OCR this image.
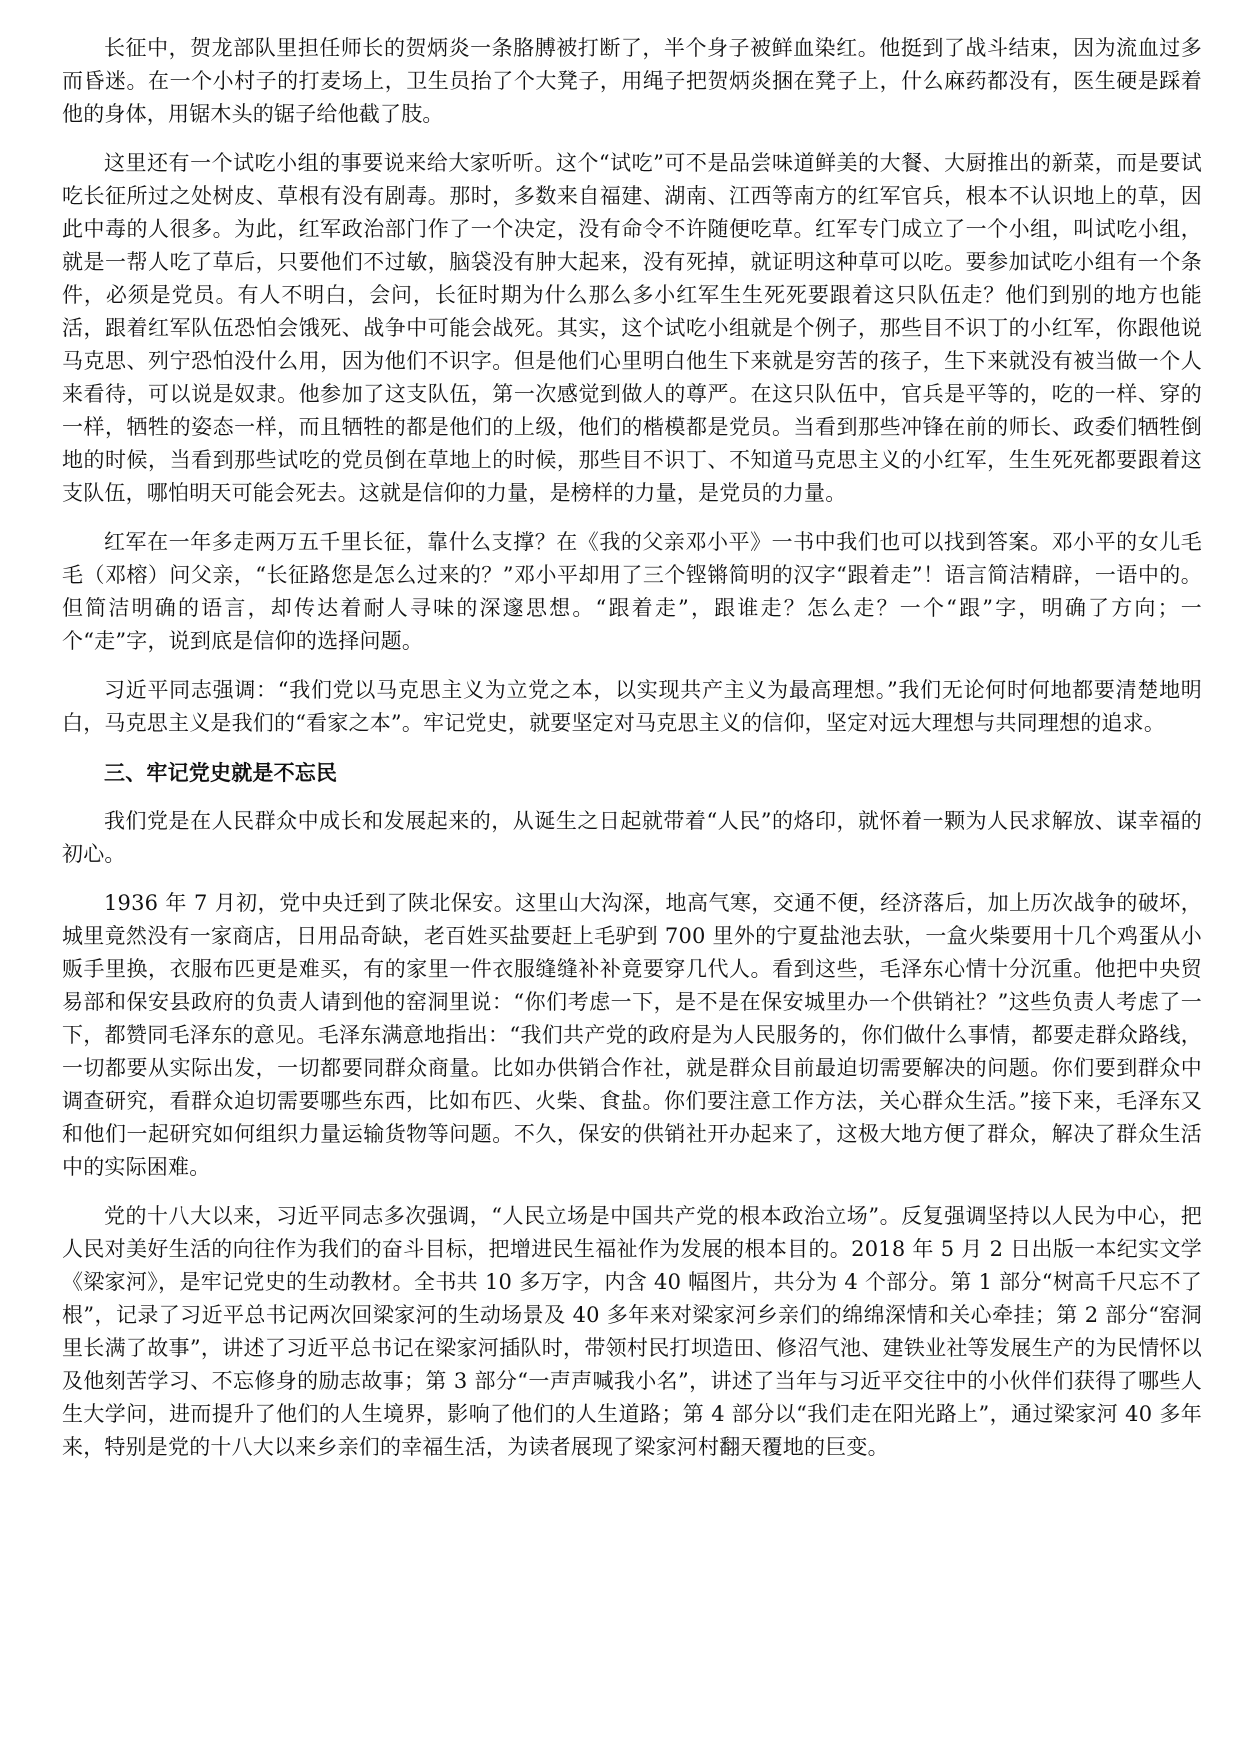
长征中，贺龙部队里担任师长的贺炳炎一条胳膊被打断了，半个身子被鲜血染红。他挺到了战斗结束，因为流血过多而昏迷。在一个小村子的打麦场上，卫生员抬了个大凳子，用绳子把贺炳炎捆在凳子上，什么麻药都没有，医生硬是踩着他的身体，用锯木头的锯子给他截了肢。

这里还有一个试吃小组的事要说来给大家听听。这个“试吃”可不是品尝味道鲜美的大餐、大厨推出的新菜，而是要试吃长征所过之处树皮、草根有没有剧毒。那时，多数来自福建、湖南、江西等南方的红军官兵，根本不认识地上的草，因此中毒的人很多。为此，红军政治部门作了一个决定，没有命令不许随便吃草。红军专门成立了一个小组，叫试吃小组，就是一帮人吃了草后，只要他们不过敏，脑袋没有肿大起来，没有死掉，就证明这种草可以吃。要参加试吃小组有一个条件，必须是党员。有人不明白，会问，长征时期为什么那么多小红军生生死死要跟着这只队伍走？他们到别的地方也能活，跟着红军队伍恐怕会饿死、战争中可能会战死。其实，这个试吃小组就是个例子，那些目不识丁的小红军，你跟他说马克思、列宁恐怕没什么用，因为他们不识字。但是他们心里明白他生下来就是穷苦的孩子，生下来就没有被当做一个人来看待，可以说是奴隶。他参加了这支队伍，第一次感觉到做人的尊严。在这只队伍中，官兵是平等的，吃的一样、穿的一样，牺牲的姿态一样，而且牺牲的都是他们的上级，他们的楷模都是党员。当看到那些冲锋在前的师长、政委们牺牲倒地的时候，当看到那些试吃的党员倒在草地上的时候，那些目不识丁、不知道马克思主义的小红军，生生死死都要跟着这支队伍，哪怕明天可能会死去。这就是信仰的力量，是榜样的力量，是党员的力量。

红军在一年多走两万五千里长征，靠什么支撑？在《我的父亲邓小平》一书中我们也可以找到答案。邓小平的女儿毛毛（邓榕）问父亲，“长征路您是怎么过来的？”邓小平却用了三个铿锵简明的汉字“跟着走”！语言简洁精辟，一语中的。但简洁明确的语言，却传达着耐人寻味的深邃思想。“跟着走”，跟谁走？怎么走？一个“跟”字，明确了方向；一个“走”字，说到底是信仰的选择问题。

习近平同志强调：“我们党以马克思主义为立党之本，以实现共产主义为最高理想。”我们无论何时何地都要清楚地明白，马克思主义是我们的“看家之本”。牢记党史，就要坚定对马克思主义的信仰，坚定对远大理想与共同理想的追求。

三、牢记党史就是不忘民

我们党是在人民群众中成长和发展起来的，从诞生之日起就带着“人民”的烙印，就怀着一颗为人民求解放、谋幸福的初心。

1936 年 7 月初，党中央迁到了陕北保安。这里山大沟深，地高气寒，交通不便，经济落后，加上历次战争的破坏，城里竟然没有一家商店，日用品奇缺，老百姓买盐要赶上毛驴到 700 里外的宁夏盐池去驮，一盒火柴要用十几个鸡蛋从小贩手里换，衣服布匹更是难买，有的家里一件衣服缝缝补补竟要穿几代人。看到这些，毛泽东心情十分沉重。他把中央贸易部和保安县政府的负责人请到他的窑洞里说：“你们考虑一下，是不是在保安城里办一个供销社？”这些负责人考虑了一下，都赞同毛泽东的意见。毛泽东满意地指出：“我们共产党的政府是为人民服务的，你们做什么事情，都要走群众路线，一切都要从实际出发，一切都要同群众商量。比如办供销合作社，就是群众目前最迫切需要解决的问题。你们要到群众中调查研究，看群众迫切需要哪些东西，比如布匹、火柴、食盐。你们要注意工作方法，关心群众生活。”接下来，毛泽东又和他们一起研究如何组织力量运输货物等问题。不久，保安的供销社开办起来了，这极大地方便了群众，解决了群众生活中的实际困难。

党的十八大以来，习近平同志多次强调，“人民立场是中国共产党的根本政治立场”。反复强调坚持以人民为中心，把人民对美好生活的向往作为我们的奋斗目标，把增进民生福祉作为发展的根本目的。2018 年 5 月 2 日出版一本纪实文学《梁家河》，是牢记党史的生动教材。全书共 10 多万字，内含 40 幅图片，共分为 4 个部分。第 1 部分“树高千尺忘不了根”，记录了习近平总书记两次回梁家河的生动场景及 40 多年来对梁家河乡亲们的绵绵深情和关心牵挂；第 2 部分“窑洞里长满了故事”，讲述了习近平总书记在梁家河插队时，带领村民打坝造田、修沼气池、建铁业社等发展生产的为民情怀以及他刻苦学习、不忘修身的励志故事；第 3 部分“一声声喊我小名”，讲述了当年与习近平交往中的小伙伴们获得了哪些人生大学问，进而提升了他们的人生境界，影响了他们的人生道路；第 4 部分以“我们走在阳光路上”，通过梁家河 40 多年来，特别是党的十八大以来乡亲们的幸福生活，为读者展现了梁家河村翻天覆地的巨变。
